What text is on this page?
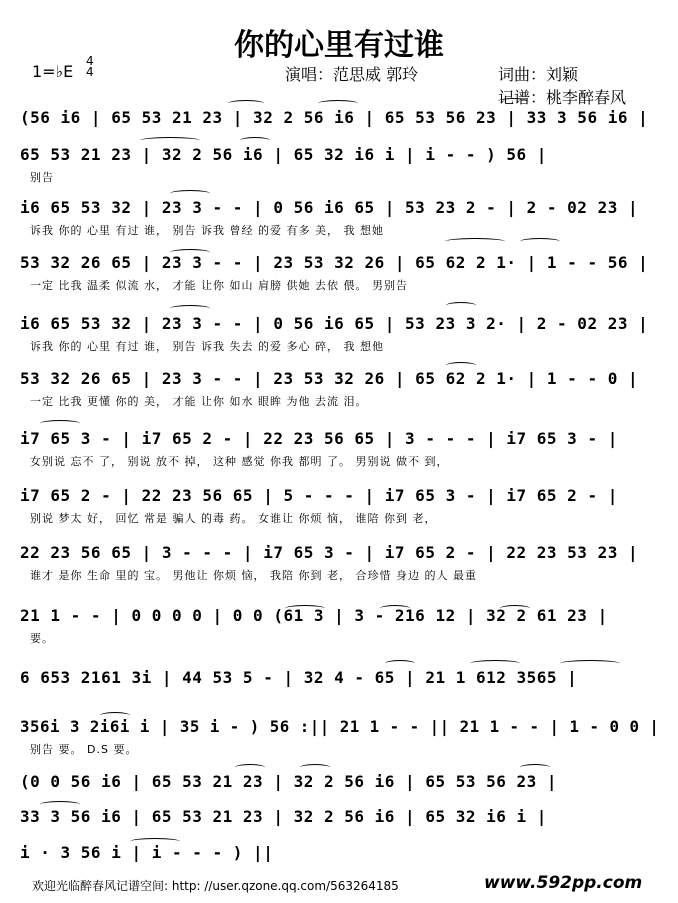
你的心里有过谁
1=♭E
4
4	演唱：范思威 郭玲	词曲：刘颖
记谱：桃李醉春风
(56 i6 | 65 53 21 23 | 32 2 56 i6 | 65 53 56 23 | 33 3 56 i6 |
65 53 21 23 | 32 2 56 i6 | 65 32 i6 i | i - - ) 56 |
别告
i6 65 53 32 | 23 3 - - | 0 56 i6 65 | 53 23 2 - | 2 - 02 23 |
诉我 你的 心里 有过 谁， 别告 诉我 曾经 的爱 有多 美， 我 想她
53 32 26 65 | 23 3 - - | 23 53 32 26 | 65 62 2 1· | 1 - - 56 |
一定 比我 温柔 似流 水， 才能 让你 如山 肩膀 供她 去依 偎。 男别告
i6 65 53 32 | 23 3 - - | 0 56 i6 65 | 53 23 3 2· | 2 - 02 23 |
诉我 你的 心里 有过 谁， 别告 诉我 失去 的爱 多心 碎， 我 想他
53 32 26 65 | 23 3 - - | 23 53 32 26 | 65 62 2 1· | 1 - - 0 |
一定 比我 更懂 你的 美， 才能 让你 如水 眼眸 为他 去流 泪。
i7 65 3 - | i7 65 2 - | 22 23 56 65 | 3 - - - | i7 65 3 - |
女别说 忘不 了， 别说 放不 掉， 这种 感觉 你我 都明 了。 男别说 做不 到，
i7 65 2 - | 22 23 56 65 | 5 - - - | i7 65 3 - | i7 65 2 - |
别说 梦太 好， 回忆 常是 骗人 的毒 药。 女谁让 你烦 恼， 谁陪 你到 老，
22 23 56 65 | 3 - - - | i7 65 3 - | i7 65 2 - | 22 23 53 23 |
谁才 是你 生命 里的 宝。 男他让 你烦 恼， 我陪 你到 老， 合珍惜 身边 的人 最重
21 1 - - | 0 0 0 0 | 0 0 (61 3 | 3 - 216 12 | 32 2 61 23 |
要。
6 653 2161 3i | 44 53 5 - | 32 4 - 65 | 21 1 612 3565 |
356i 3 2i6i i | 35 i - ) 56 :|| 21 1 - - || 21 1 - - | 1 - 0 0 |
别告 要。 D.S 要。
(0 0 56 i6 | 65 53 21 23 | 32 2 56 i6 | 65 53 56 23 |
33 3 56 i6 | 65 53 21 23 | 32 2 56 i6 | 65 32 i6 i |
i · 3 56 i | i - - - ) ||
欢迎光临醉春风记谱空间: http: //user.qzone.qq.com/563264185	www.592pp.com
